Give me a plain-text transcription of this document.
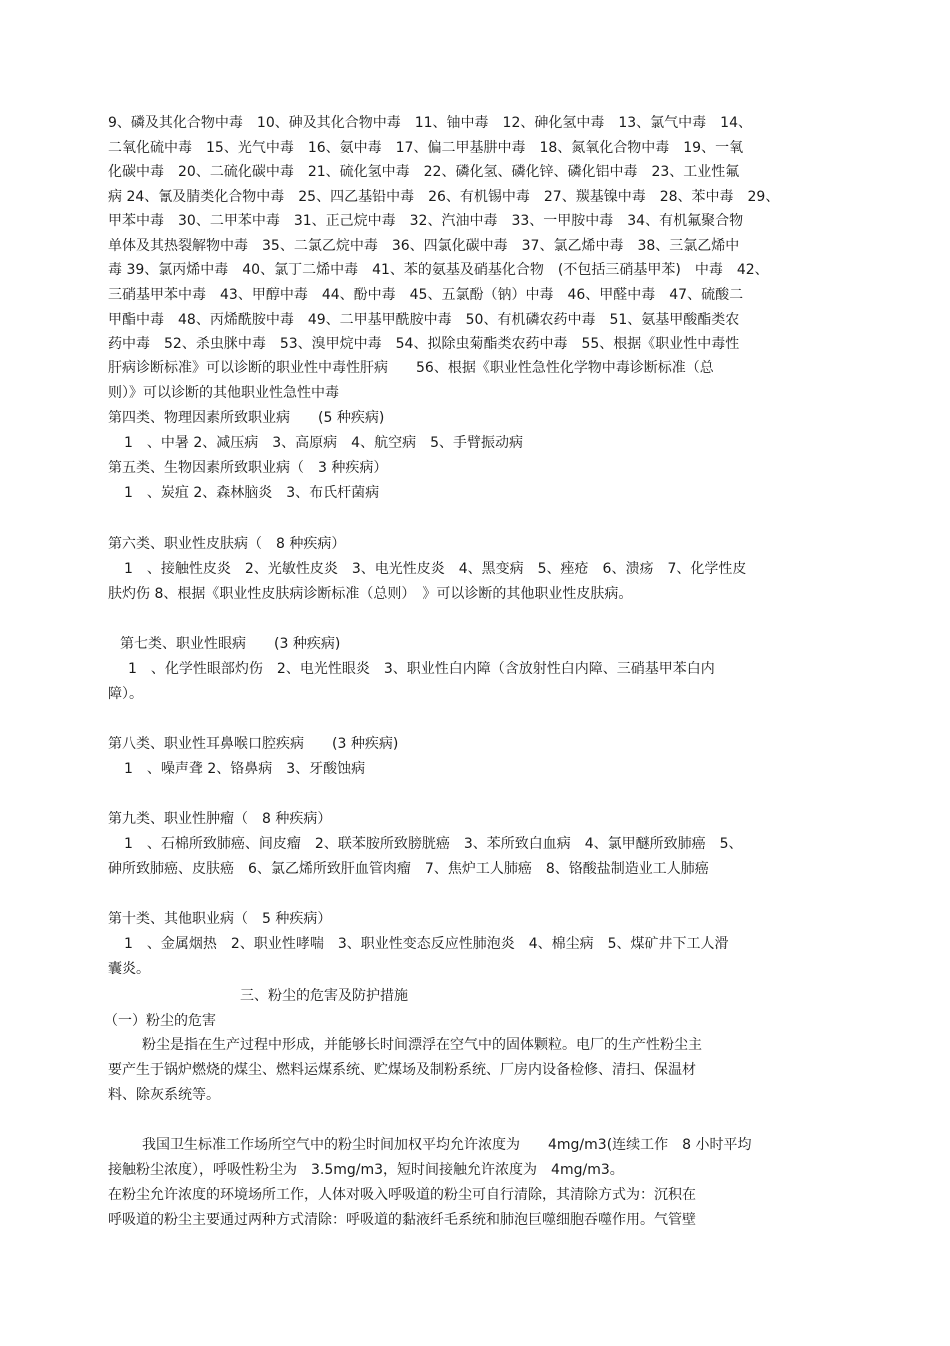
9、磷及其化合物中毒　10、砷及其化合物中毒　11、铀中毒　12、砷化氢中毒　13、氯气中毒　14、
二氧化硫中毒　15、光气中毒　16、氨中毒　17、偏二甲基肼中毒　18、氮氧化合物中毒　19、一氧
化碳中毒　20、二硫化碳中毒　21、硫化氢中毒　22、磷化氢、磷化锌、磷化铝中毒　23、工业性氟
病 24、氰及腈类化合物中毒　25、四乙基铅中毒　26、有机锡中毒　27、羰基镍中毒　28、苯中毒　29、
甲苯中毒　30、二甲苯中毒　31、正己烷中毒　32、汽油中毒　33、一甲胺中毒　34、有机氟聚合物
单体及其热裂解物中毒　35、二氯乙烷中毒　36、四氯化碳中毒　37、氯乙烯中毒　38、三氯乙烯中
毒 39、氯丙烯中毒　40、氯丁二烯中毒　41、苯的氨基及硝基化合物　(不包括三硝基甲苯)　中毒　42、
三硝基甲苯中毒　43、甲醇中毒　44、酚中毒　45、五氯酚（钠）中毒　46、甲醛中毒　47、硫酸二
甲酯中毒　48、丙烯酰胺中毒　49、二甲基甲酰胺中毒　50、有机磷农药中毒　51、氨基甲酸酯类农
药中毒　52、杀虫脒中毒　53、溴甲烷中毒　54、拟除虫菊酯类农药中毒　55、根据《职业性中毒性
肝病诊断标准》可以诊断的职业性中毒性肝病　　56、根据《职业性急性化学物中毒诊断标准（总
则）》可以诊断的其他职业性急性中毒
第四类、物理因素所致职业病　　(5 种疾病)
1　、中暑 2、减压病　3、高原病　4、航空病　5、手臂振动病
第五类、生物因素所致职业病（　3 种疾病）
1　、炭疽 2、森林脑炎　3、布氏杆菌病
第六类、职业性皮肤病（　8 种疾病）
1　、接触性皮炎　2、光敏性皮炎　3、电光性皮炎　4、黑变病　5、痤疮　6、溃疡　7、化学性皮
肤灼伤 8、根据《职业性皮肤病诊断标准（总则）　》可以诊断的其他职业性皮肤病。
第七类、职业性眼病　　(3 种疾病)
1　、化学性眼部灼伤　2、电光性眼炎　3、职业性白内障（含放射性白内障、三硝基甲苯白内
障）。
第八类、职业性耳鼻喉口腔疾病　　(3 种疾病)
1　、噪声聋 2、铬鼻病　3、牙酸蚀病
第九类、职业性肿瘤（　8 种疾病）
1　、石棉所致肺癌、间皮瘤　2、联苯胺所致膀胱癌　3、苯所致白血病　4、氯甲醚所致肺癌　5、
砷所致肺癌、皮肤癌　6、氯乙烯所致肝血管肉瘤　7、焦炉工人肺癌　8、铬酸盐制造业工人肺癌
第十类、其他职业病（　5 种疾病）
1　、金属烟热　2、职业性哮喘　3、职业性变态反应性肺泡炎　4、棉尘病　5、煤矿井下工人滑
囊炎。
三、粉尘的危害及防护措施
（一）粉尘的危害
粉尘是指在生产过程中形成，并能够长时间漂浮在空气中的固体颗粒。电厂的生产性粉尘主
要产生于锅炉燃烧的煤尘、燃料运煤系统、贮煤场及制粉系统、厂房内设备检修、清扫、保温材
料、除灰系统等。
我国卫生标准工作场所空气中的粉尘时间加权平均允许浓度为　　4mg/m3(连续工作　8 小时平均
接触粉尘浓度），呼吸性粉尘为　3.5mg/m3，短时间接触允许浓度为　4mg/m3。
在粉尘允许浓度的环境场所工作，人体对吸入呼吸道的粉尘可自行清除，其清除方式为：沉积在
呼吸道的粉尘主要通过两种方式清除：呼吸道的黏液纤毛系统和肺泡巨噬细胞吞噬作用。气管壁
